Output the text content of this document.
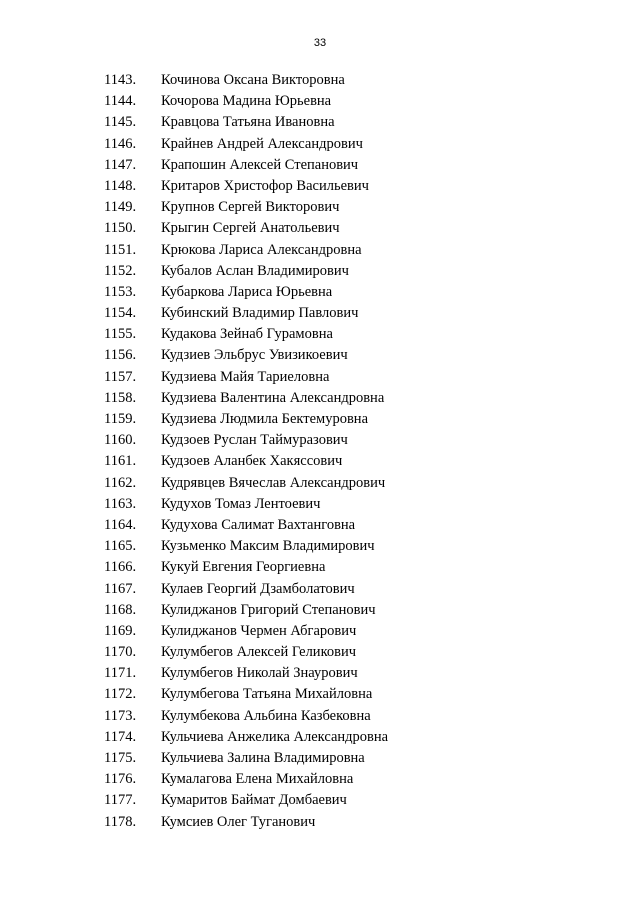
33
1143. Кочинова Оксана Викторовна
1144. Кочорова Мадина Юрьевна
1145. Кравцова Татьяна Ивановна
1146. Крайнев Андрей Александрович
1147. Крапошин Алексей Степанович
1148. Критаров Христофор Васильевич
1149. Крупнов Сергей Викторович
1150. Крыгин Сергей Анатольевич
1151. Крюкова Лариса Александровна
1152. Кубалов Аслан Владимирович
1153. Кубаркова Лариса Юрьевна
1154. Кубинский Владимир Павлович
1155. Кудакова Зейнаб Гурамовна
1156. Кудзиев Эльбрус Увизикоевич
1157. Кудзиева Майя Тариеловна
1158. Кудзиева Валентина Александровна
1159. Кудзиева Людмила Бектемуровна
1160. Кудзоев Руслан Таймуразович
1161. Кудзоев Аланбек Хакяссович
1162. Кудрявцев Вячеслав Александрович
1163. Кудухов Томаз Лентоевич
1164. Кудухова Салимат Вахтанговна
1165. Кузьменко Максим Владимирович
1166. Кукуй Евгения Георгиевна
1167. Кулаев Георгий Дзамболатович
1168. Кулиджанов Григорий Степанович
1169. Кулиджанов Чермен Абгарович
1170. Кулумбегов Алексей Геликович
1171. Кулумбегов Николай Знаурович
1172. Кулумбегова Татьяна Михайловна
1173. Кулумбекова Альбина Казбековна
1174. Кульчиева Анжелика Александровна
1175. Кульчиева Залина Владимировна
1176. Кумалагова Елена Михайловна
1177. Кумаритов Баймат Домбаевич
1178. Кумсиев Олег Туганович
